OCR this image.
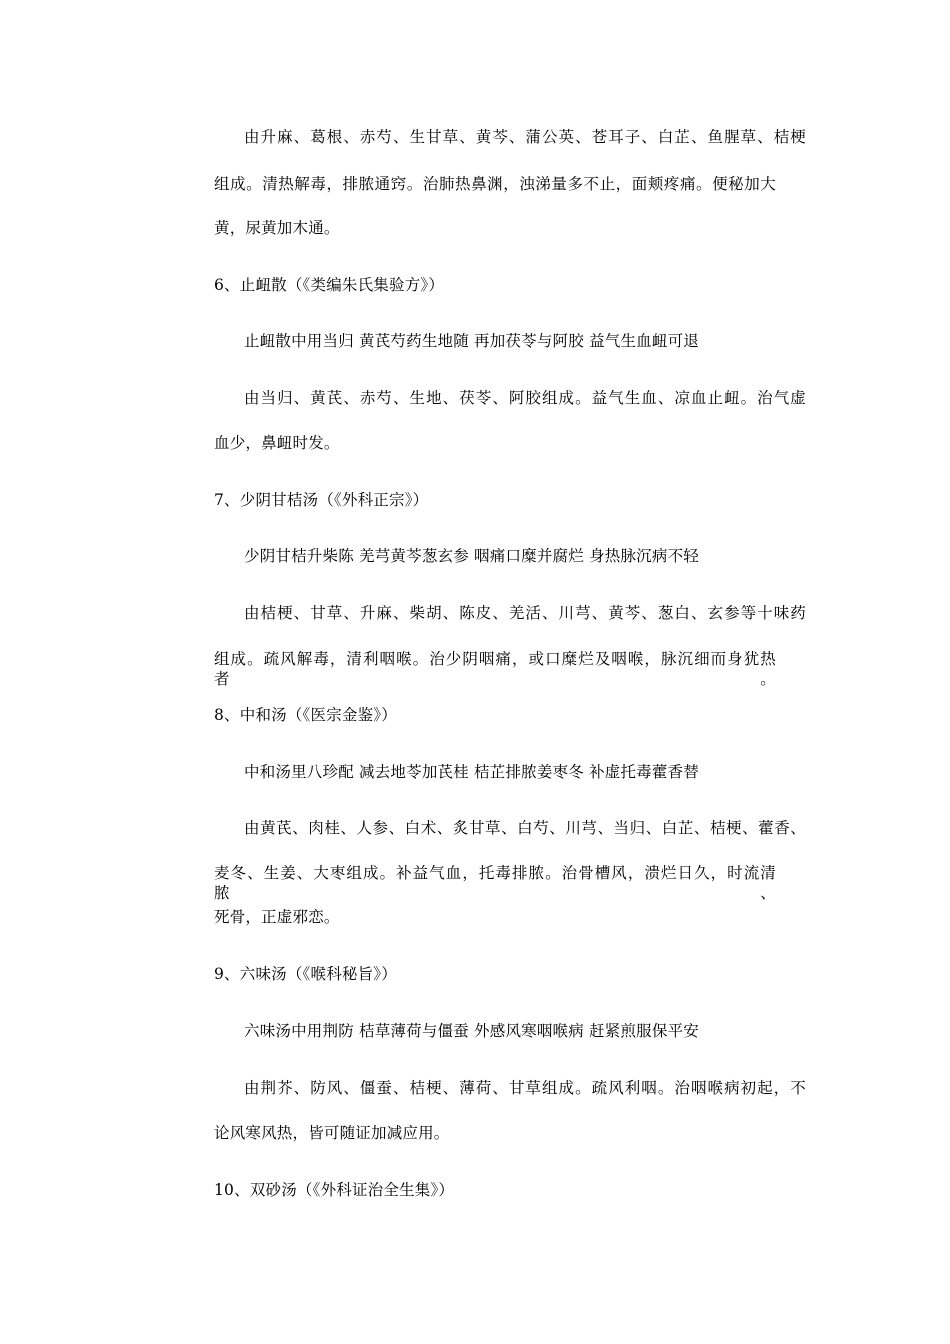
由升麻、葛根、赤芍、生甘草、黄芩、蒲公英、苍耳子、白芷、鱼腥草、桔梗
组成。清热解毒，排脓通窍。治肺热鼻渊，浊涕量多不止，面颊疼痛。便秘加大
黄，尿黄加木通。
6、止衄散（《类编朱氏集验方》）
止衄散中用当归 黄芪芍药生地随 再加茯苓与阿胶 益气生血衄可退
由当归、黄芪、赤芍、生地、茯苓、阿胶组成。益气生血、凉血止衄。治气虚
血少，鼻衄时发。
7、少阴甘桔汤（《外科正宗》）
少阴甘桔升柴陈 羌芎黄芩葱玄参 咽痛口糜并腐烂 身热脉沉病不轻
由桔梗、甘草、升麻、柴胡、陈皮、羌活、川芎、黄芩、葱白、玄参等十味药
组成。疏风解毒，清利咽喉。治少阴咽痛，或口糜烂及咽喉，脉沉细而身犹热者。
8、中和汤（《医宗金鉴》）
中和汤里八珍配 减去地苓加芪桂 桔芷排脓姜枣冬 补虚托毒藿香替
由黄芪、肉桂、人参、白术、炙甘草、白芍、川芎、当归、白芷、桔梗、藿香、
麦冬、生姜、大枣组成。补益气血，托毒排脓。治骨槽风，溃烂日久，时流清脓、
死骨，正虚邪恋。
9、六味汤（《喉科秘旨》）
六味汤中用荆防 桔草薄荷与僵蚕 外感风寒咽喉病 赶紧煎服保平安
由荆芥、防风、僵蚕、桔梗、薄荷、甘草组成。疏风利咽。治咽喉病初起，不
论风寒风热，皆可随证加减应用。
10、双砂汤（《外科证治全生集》）
